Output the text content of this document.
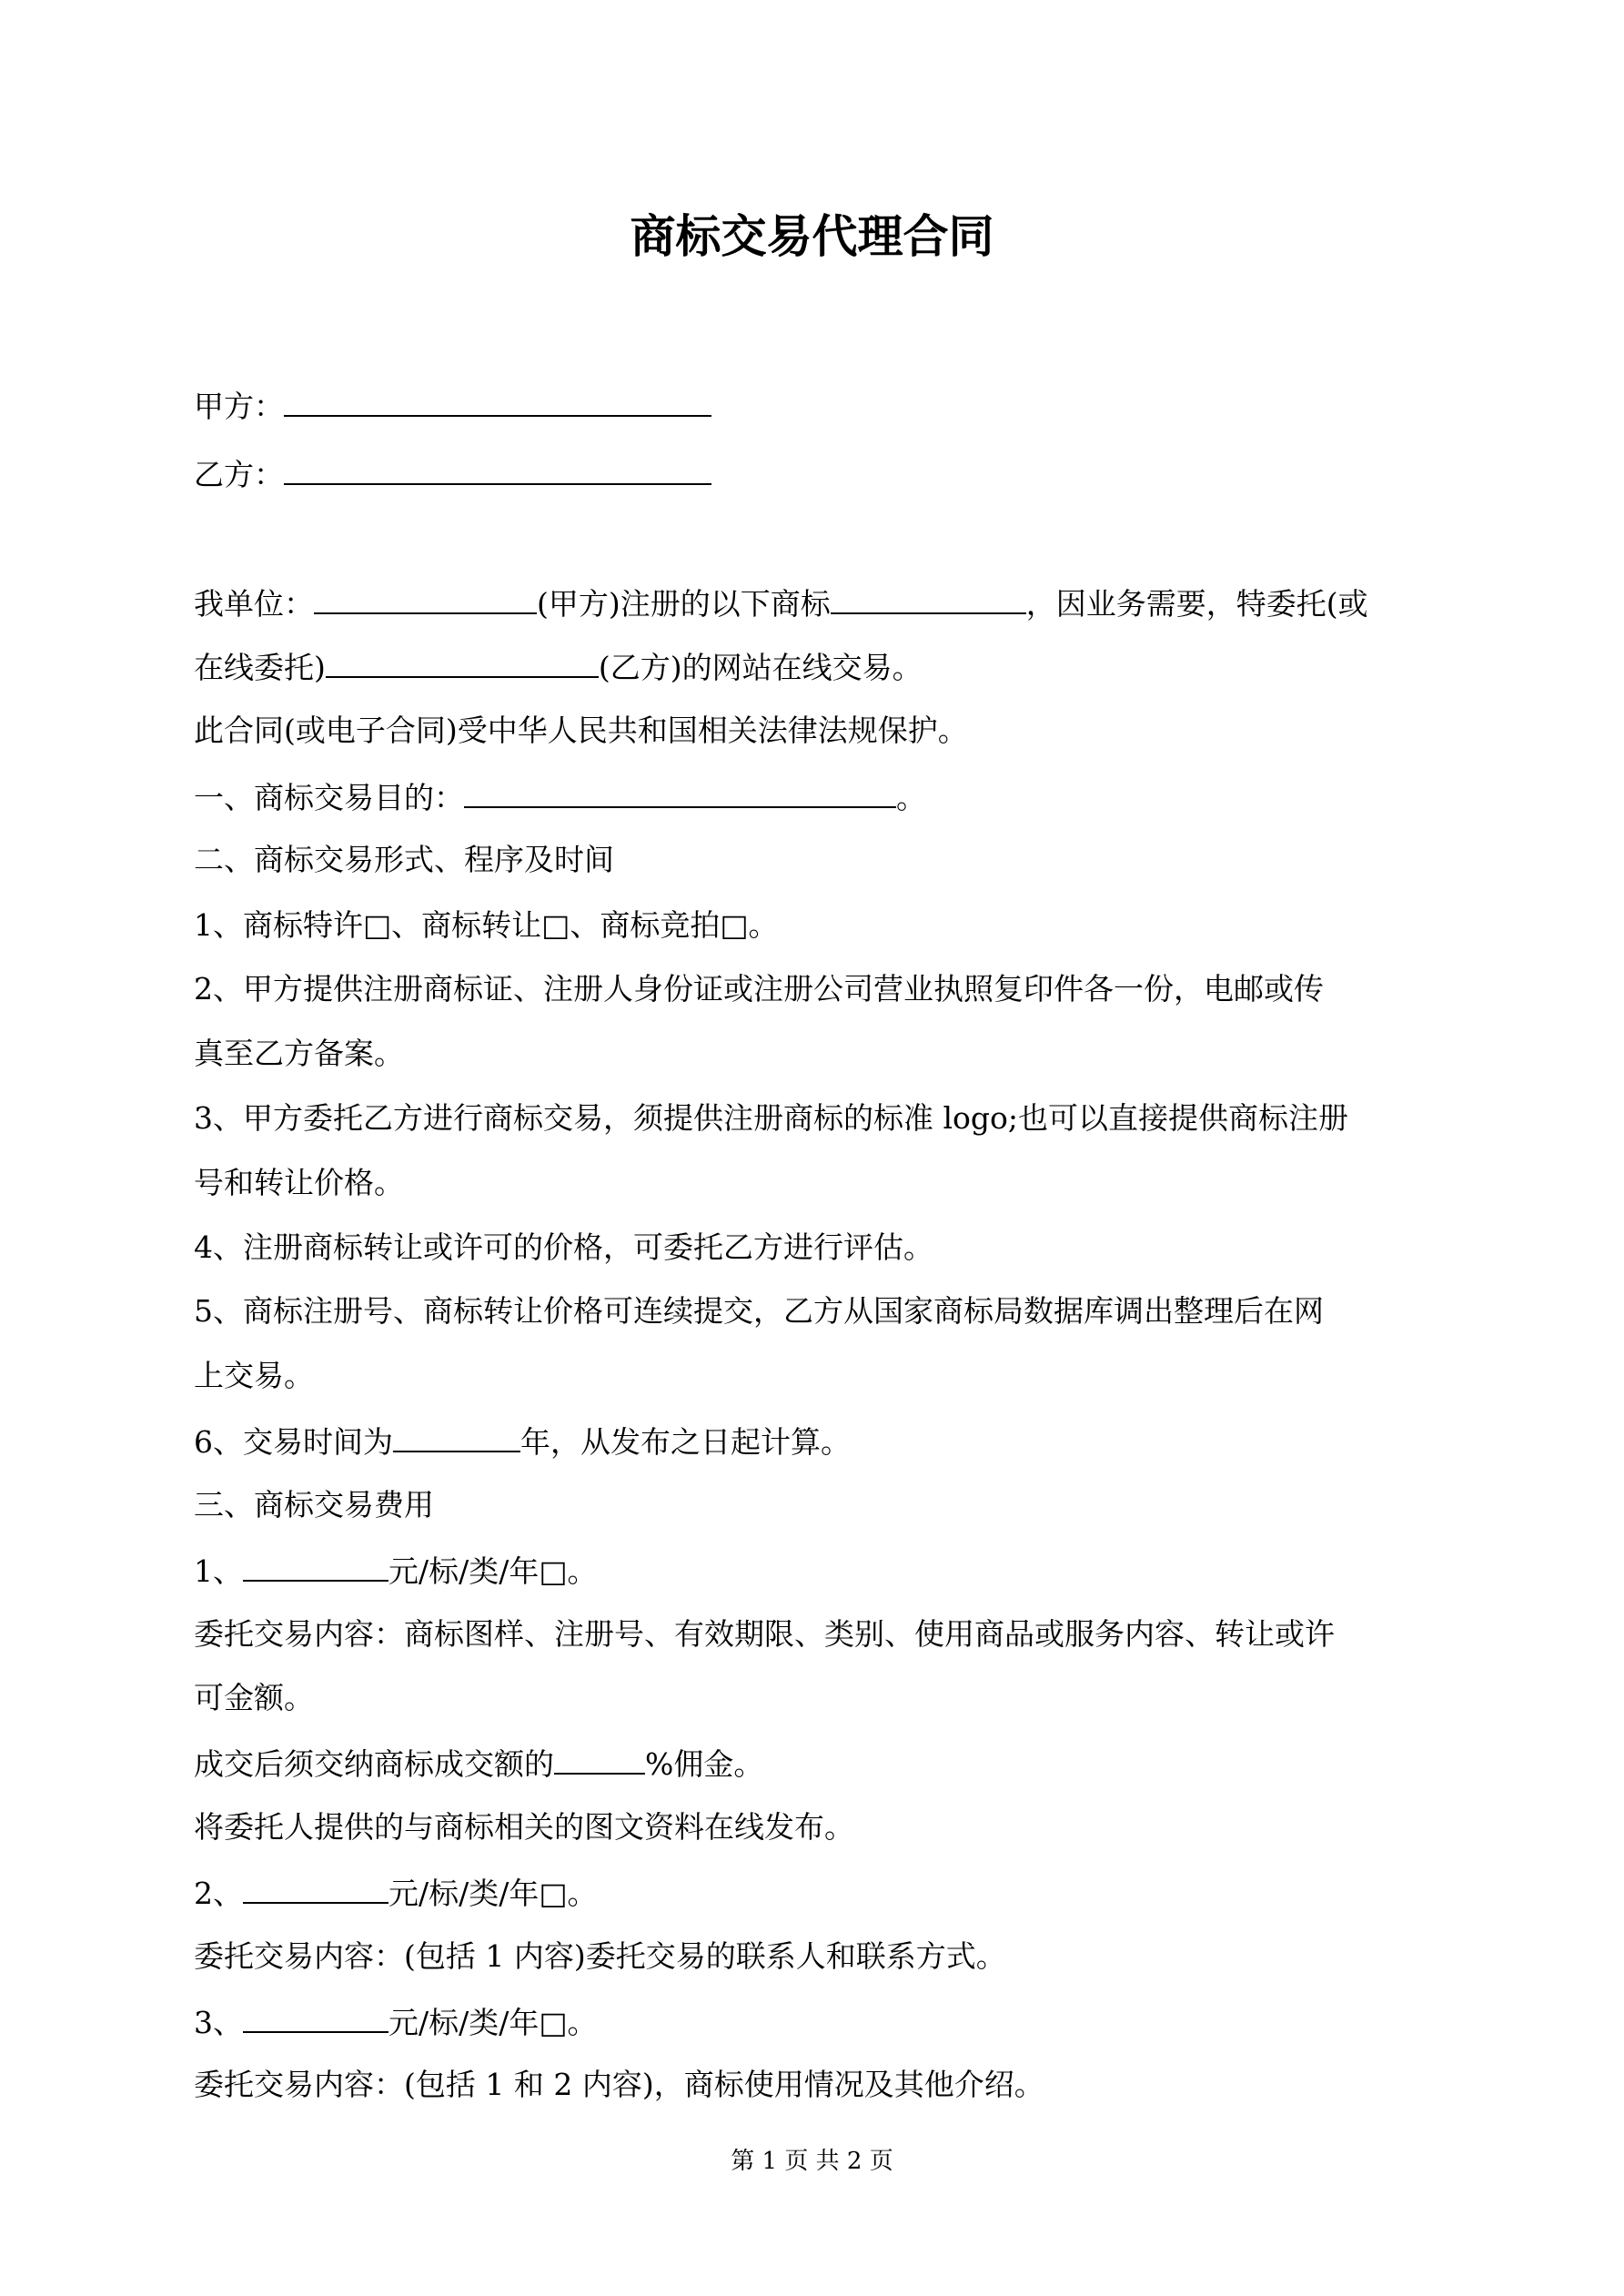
商标交易代理合同
甲方：
乙方：
我单位：	(甲方)注册的以下商标	，因业务需要，特委托(或
在线委托)	(乙方)的网站在线交易。
此合同(或电子合同)受中华人民共和国相关法律法规保护。
一、商标交易目的：	。
二、商标交易形式、程序及时间
1、商标特许□、商标转让□、商标竞拍□。
2、甲方提供注册商标证、注册人身份证或注册公司营业执照复印件各一份，电邮或传
真至乙方备案。
3、甲方委托乙方进行商标交易，须提供注册商标的标准 logo;也可以直接提供商标注册
号和转让价格。
4、注册商标转让或许可的价格，可委托乙方进行评估。
5、商标注册号、商标转让价格可连续提交，乙方从国家商标局数据库调出整理后在网
上交易。
6、交易时间为	年，从发布之日起计算。
三、商标交易费用
1、	元/标/类/年□。
委托交易内容：商标图样、注册号、有效期限、类别、使用商品或服务内容、转让或许
可金额。
成交后须交纳商标成交额的	%佣金。
将委托人提供的与商标相关的图文资料在线发布。
2、	元/标/类/年□。
委托交易内容：(包括 1 内容)委托交易的联系人和联系方式。
3、	元/标/类/年□。
委托交易内容：(包括 1 和 2 内容)，商标使用情况及其他介绍。
第 1 页 共 2 页
